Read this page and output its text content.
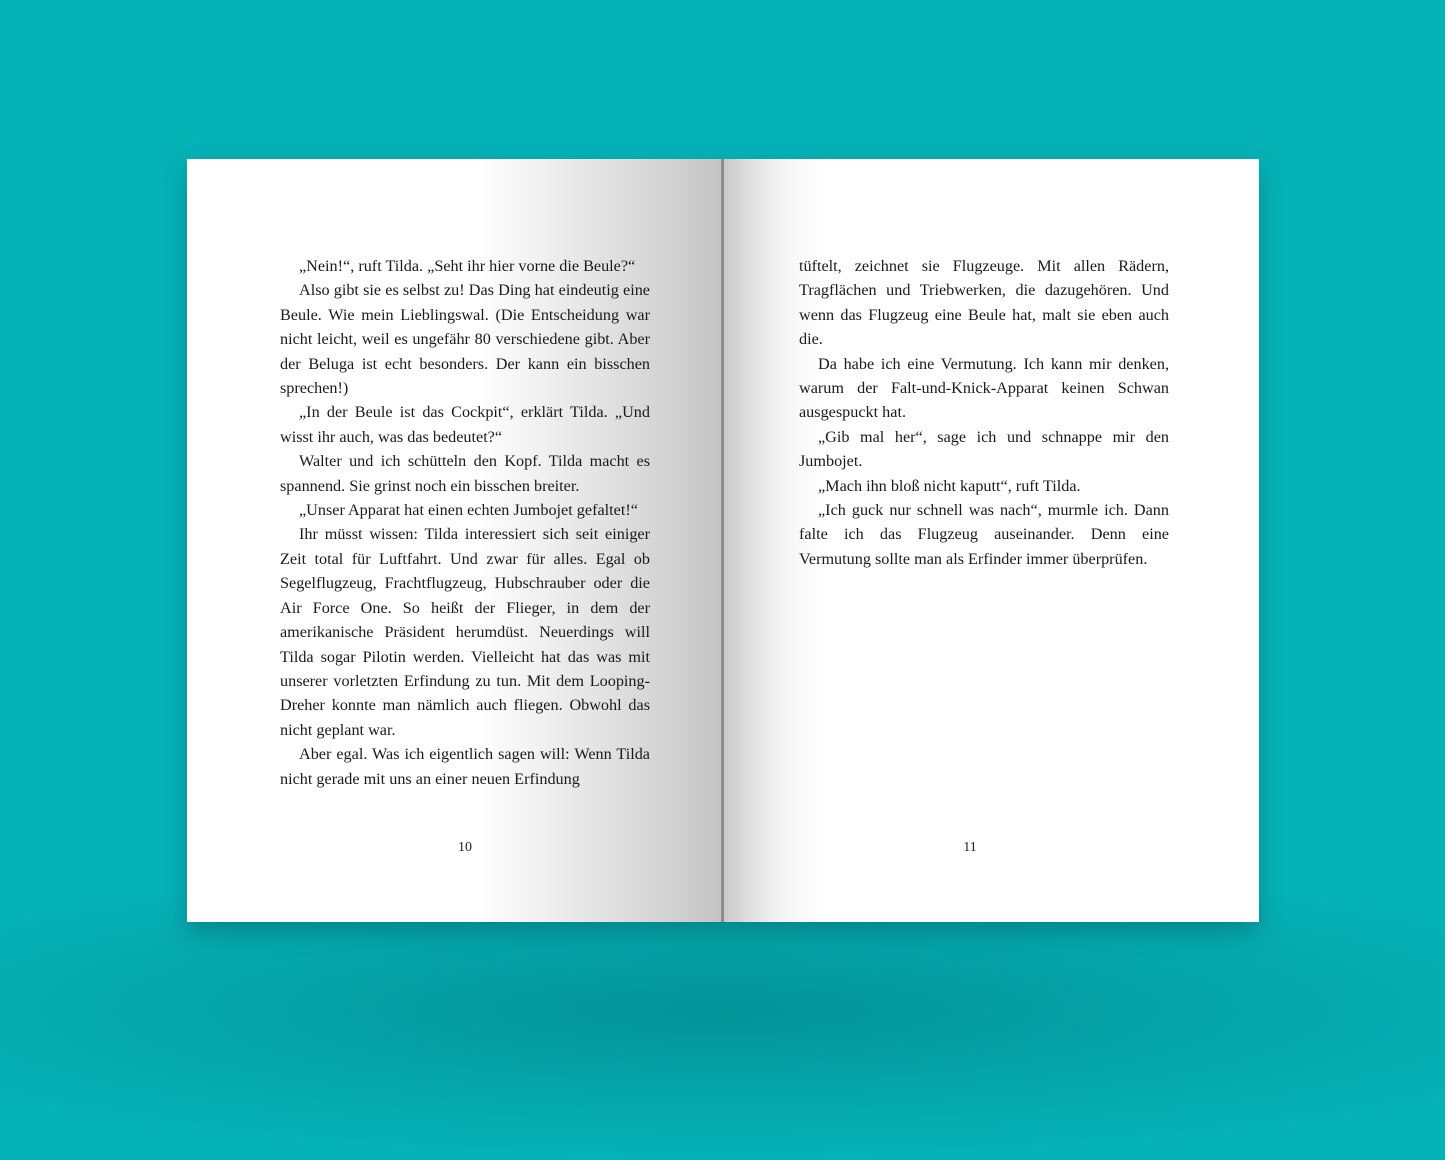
„Nein!“, ruft Tilda. „Seht ihr hier vorne die Beule?“

Also gibt sie es selbst zu! Das Ding hat eindeutig eine Beule. Wie mein Lieblingswal. (Die Entscheidung war nicht leicht, weil es ungefähr 80 verschiedene gibt. Aber der Beluga ist echt besonders. Der kann ein bisschen sprechen!)

„In der Beule ist das Cockpit“, erklärt Tilda. „Und wisst ihr auch, was das bedeutet?“

Walter und ich schütteln den Kopf. Tilda macht es spannend. Sie grinst noch ein bisschen breiter.

„Unser Apparat hat einen echten Jumbojet gefaltet!“

Ihr müsst wissen: Tilda interessiert sich seit einiger Zeit total für Luftfahrt. Und zwar für alles. Egal ob Segelflugzeug, Frachtflugzeug, Hubschrauber oder die Air Force One. So heißt der Flieger, in dem der amerikanische Präsident herumdüst. Neuerdings will Tilda sogar Pilotin werden. Vielleicht hat das was mit unserer vorletzten Erfindung zu tun. Mit dem Looping-Dreher konnte man nämlich auch fliegen. Obwohl das nicht geplant war.

Aber egal. Was ich eigentlich sagen will: Wenn Tilda nicht gerade mit uns an einer neuen Erfindung

10

tüftelt, zeichnet sie Flugzeuge. Mit allen Rädern, Tragflächen und Triebwerken, die dazugehören. Und wenn das Flugzeug eine Beule hat, malt sie eben auch die.

Da habe ich eine Vermutung. Ich kann mir denken, warum der Falt-und-Knick-Apparat keinen Schwan ausgespuckt hat.

„Gib mal her“, sage ich und schnappe mir den Jumbojet.

„Mach ihn bloß nicht kaputt“, ruft Tilda.

„Ich guck nur schnell was nach“, murmle ich. Dann falte ich das Flugzeug auseinander. Denn eine Vermutung sollte man als Erfinder immer überprüfen.

11
